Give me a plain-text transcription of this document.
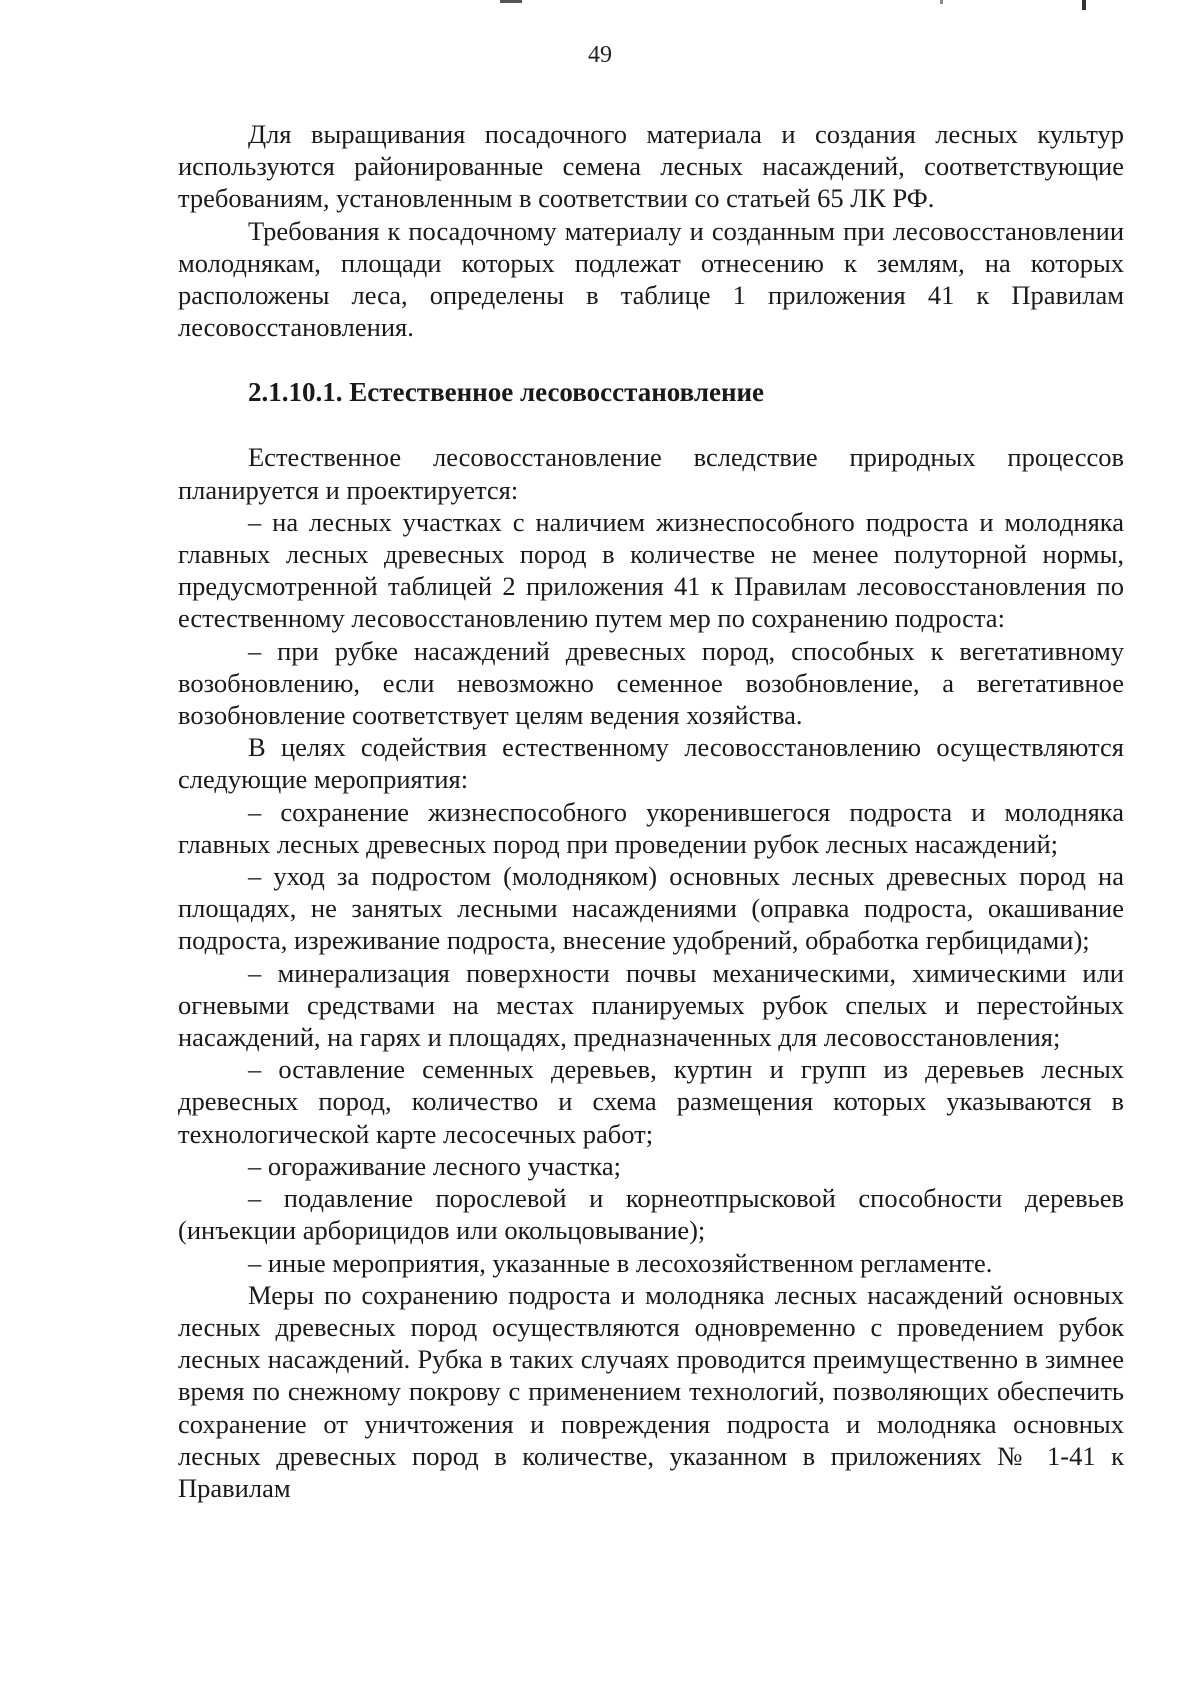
49

Для выращивания посадочного материала и создания лесных культур используются районированные семена лесных насаждений, соответствующие требованиям, установленным в соответствии со статьей 65 ЛК РФ.

Требования к посадочному материалу и созданным при лесовосстановлении молоднякам, площади которых подлежат отнесению к землям, на которых расположены леса, определены в таблице 1 приложения 41 к Правилам лесовосстановления.

2.1.10.1. Естественное лесовосстановление

Естественное лесовосстановление вследствие природных процессов планируется и проектируется:

– на лесных участках с наличием жизнеспособного подроста и молодняка главных лесных древесных пород в количестве не менее полуторной нормы, предусмотренной таблицей 2 приложения 41 к Правилам лесовосстановления по естественному лесовосстановлению путем мер по сохранению подроста:

– при рубке насаждений древесных пород, способных к вегетативному возобновлению, если невозможно семенное возобновление, а вегетативное возобновление соответствует целям ведения хозяйства.

В целях содействия естественному лесовосстановлению осуществляются следующие мероприятия:

– сохранение жизнеспособного укоренившегося подроста и молодняка главных лесных древесных пород при проведении рубок лесных насаждений;

– уход за подростом (молодняком) основных лесных древесных пород на площадях, не занятых лесными насаждениями (оправка подроста, окашивание подроста, изреживание подроста, внесение удобрений, обработка гербицидами);

– минерализация поверхности почвы механическими, химическими или огневыми средствами на местах планируемых рубок спелых и перестойных насаждений, на гарях и площадях, предназначенных для лесовосстановления;

– оставление семенных деревьев, куртин и групп из деревьев лесных древесных пород, количество и схема размещения которых указываются в технологической карте лесосечных работ;

– огораживание лесного участка;

– подавление порослевой и корнеотпрысковой способности деревьев (инъекции арборицидов или окольцовывание);

– иные мероприятия, указанные в лесохозяйственном регламенте.

Меры по сохранению подроста и молодняка лесных насаждений основных лесных древесных пород осуществляются одновременно с проведением рубок лесных насаждений. Рубка в таких случаях проводится преимущественно в зимнее время по снежному покрову с применением технологий, позволяющих обеспечить сохранение от уничтожения и повреждения подроста и молодняка основных лесных древесных пород в количестве, указанном в приложениях № 1-41 к Правилам
